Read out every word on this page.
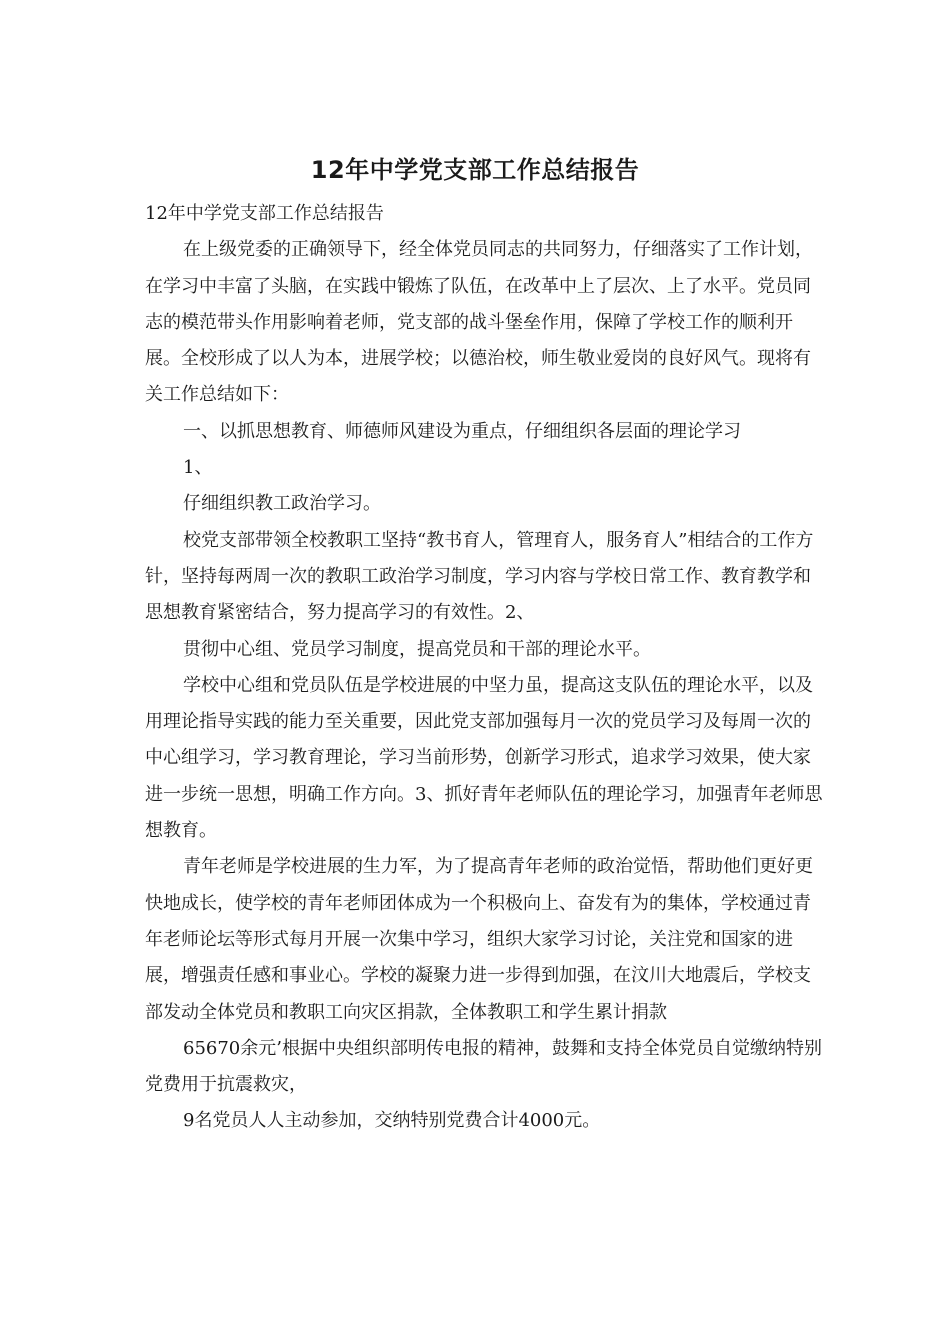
12年中学党支部工作总结报告

12年中学党支部工作总结报告

在上级党委的正确领导下，经全体党员同志的共同努力，仔细落实了工作计划，在学习中丰富了头脑，在实践中锻炼了队伍，在改革中上了层次、上了水平。党员同志的模范带头作用影响着老师，党支部的战斗堡垒作用，保障了学校工作的顺利开展。全校形成了以人为本，进展学校；以德治校，师生敬业爱岗的良好风气。现将有关工作总结如下：

一、以抓思想教育、师德师风建设为重点，仔细组织各层面的理论学习

1、

仔细组织教工政治学习。

校党支部带领全校教职工坚持“教书育人，管理育人，服务育人”相结合的工作方针，坚持每两周一次的教职工政治学习制度，学习内容与学校日常工作、教育教学和思想教育紧密结合，努力提高学习的有效性。2、

贯彻中心组、党员学习制度，提高党员和干部的理论水平。

学校中心组和党员队伍是学校进展的中坚力虽，提高这支队伍的理论水平，以及用理论指导实践的能力至关重要，因此党支部加强每月一次的党员学习及每周一次的中心组学习，学习教育理论，学习当前形势，创新学习形式，追求学习效果，使大家进一步统一思想，明确工作方向。3、抓好青年老师队伍的理论学习，加强青年老师思想教育。

青年老师是学校进展的生力军，为了提高青年老师的政治觉悟，帮助他们更好更快地成长，使学校的青年老师团体成为一个积极向上、奋发有为的集体，学校通过青年老师论坛等形式每月开展一次集中学习，组织大家学习讨论，关注党和国家的进展，增强责任感和事业心。学校的凝聚力进一步得到加强，在汶川大地震后，学校支部发动全体党员和教职工向灾区捐款，全体教职工和学生累计捐款

65670余元’根据中央组织部明传电报的精神，鼓舞和支持全体党员自觉缴纳特别党费用于抗震救灾，

9名党员人人主动参加，交纳特别党费合计4000元。
